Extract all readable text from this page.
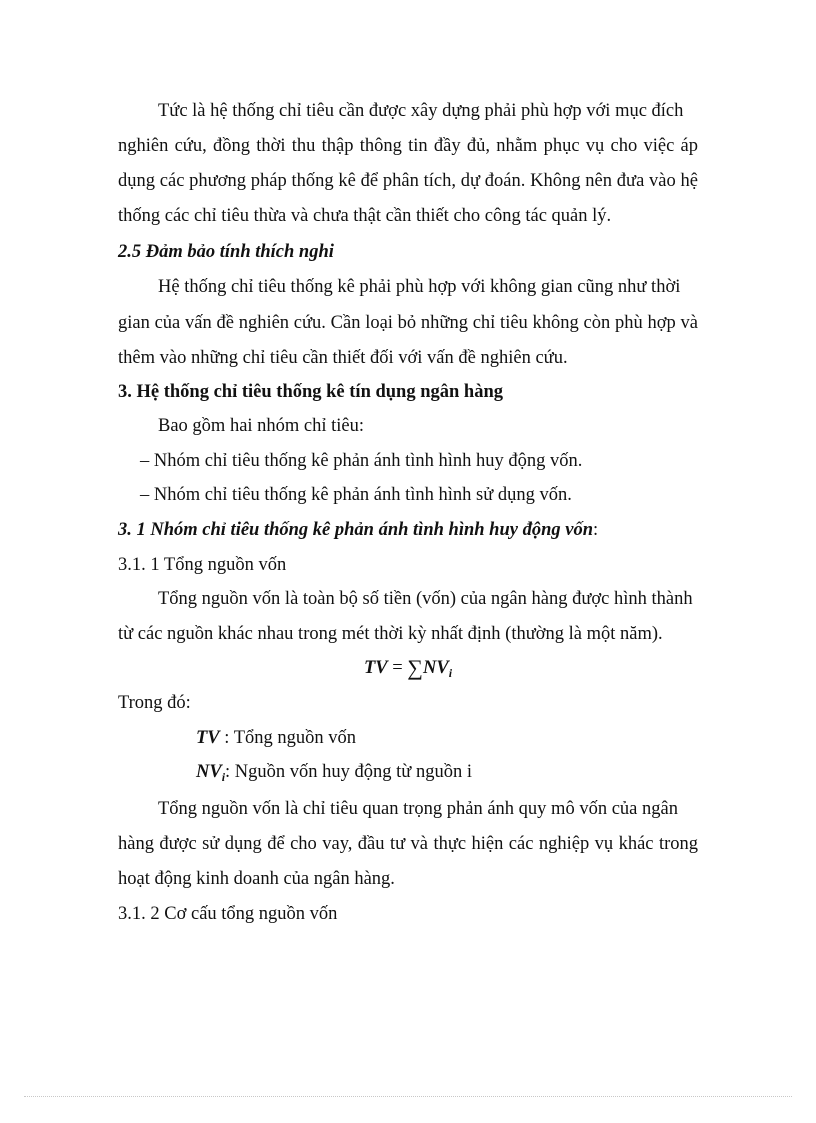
Tức là hệ thống chỉ tiêu cần được xây dựng phải phù hợp với mục đích
nghiên cứu, đồng thời thu thập thông tin đầy đủ, nhằm phục vụ cho việc áp
dụng các phương pháp thống kê để phân tích, dự đoán. Không nên đưa vào hệ
thống các chỉ tiêu thừa và chưa thật cần thiết cho công tác quản lý.
2.5 Đảm bảo tính thích nghi
Hệ thống chỉ tiêu thống kê phải phù hợp với không gian cũng như thời
gian của vấn đề nghiên cứu. Cần loại bỏ những chỉ tiêu không còn phù hợp và
thêm vào những chỉ tiêu cần thiết đối với vấn đề nghiên cứu.
3. Hệ thống chỉ tiêu thống kê tín dụng ngân hàng
Bao gồm hai nhóm chỉ tiêu:
– Nhóm chỉ tiêu thống kê phản ánh tình hình huy động vốn.
– Nhóm chỉ tiêu thống kê phản ánh tình hình sử dụng vốn.
3. 1 Nhóm chỉ tiêu thống kê phản ánh tình hình huy động vốn:
3.1. 1 Tổng nguồn vốn
Tổng nguồn vốn là toàn bộ số tiền (vốn) của ngân hàng được hình thành
từ các nguồn khác nhau trong mét thời kỳ nhất định (thường là một năm).
TV = $\sum NV_i$
Trong đó:
TV : Tổng nguồn vốn
$NV_i$: Nguồn vốn huy động từ nguồn i
Tổng nguồn vốn là chỉ tiêu quan trọng phản ánh quy mô vốn của ngân
hàng được sử dụng để cho vay, đầu tư và thực hiện các nghiệp vụ khác trong
hoạt động kinh doanh của ngân hàng.
3.1. 2 Cơ cấu tổng nguồn vốn
